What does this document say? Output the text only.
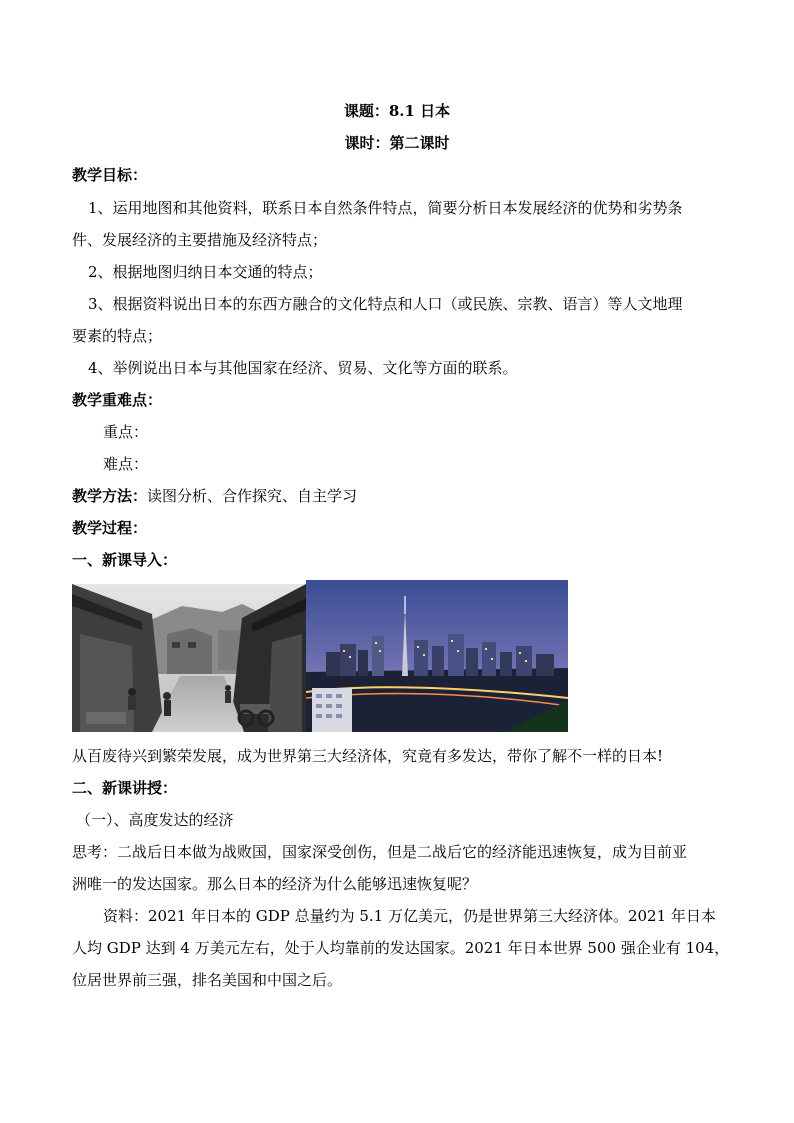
课题：8.1 日本
课时：第二课时
教学目标：
1、运用地图和其他资料，联系日本自然条件特点，简要分析日本发展经济的优势和劣势条
件、发展经济的主要措施及经济特点；
2、根据地图归纳日本交通的特点；
3、根据资料说出日本的东西方融合的文化特点和人口（或民族、宗教、语言）等人文地理
要素的特点；
4、举例说出日本与其他国家在经济、贸易、文化等方面的联系。
教学重难点：
重点：
难点：
教学方法：读图分析、合作探究、自主学习
教学过程：
一、新课导入：
从百废待兴到繁荣发展，成为世界第三大经济体，究竟有多发达，带你了解不一样的日本!
二、新课讲授：
（一）、高度发达的经济
思考：二战后日本做为战败国，国家深受创伤，但是二战后它的经济能迅速恢复，成为目前亚
洲唯一的发达国家。那么日本的经济为什么能够迅速恢复呢？
资料：2021 年日本的 GDP 总量约为 5.1 万亿美元，仍是世界第三大经济体。2021 年日本
人均 GDP 达到 4 万美元左右，处于人均靠前的发达国家。2021 年日本世界 500 强企业有 104，
位居世界前三强，排名美国和中国之后。
